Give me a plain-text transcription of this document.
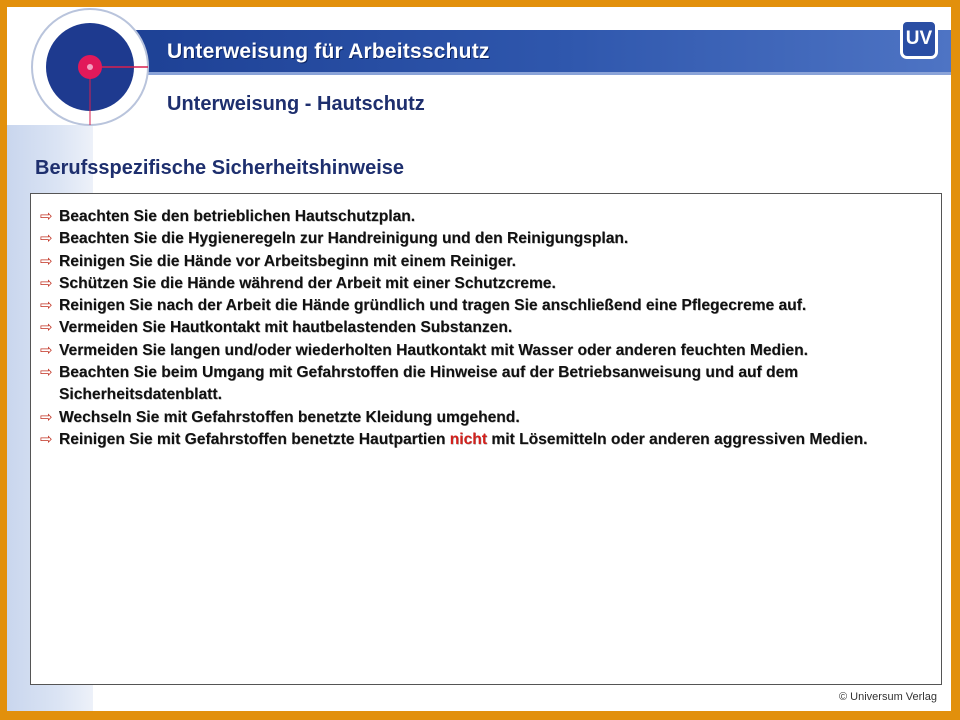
Unterweisung für Arbeitsschutz
UV
Unterweisung - Hautschutz
Berufsspezifische Sicherheitshinweise
⇨ Beachten Sie den betrieblichen Hautschutzplan.
⇨ Beachten Sie die Hygieneregeln zur Handreinigung und den Reinigungsplan.
⇨ Reinigen Sie die Hände vor Arbeitsbeginn mit einem Reiniger.
⇨ Schützen Sie die Hände während der Arbeit mit einer Schutzcreme.
⇨ Reinigen Sie nach der Arbeit die Hände gründlich und tragen Sie anschließend eine Pflegecreme auf.
⇨ Vermeiden Sie Hautkontakt mit hautbelastenden Substanzen.
⇨ Vermeiden Sie langen und/oder wiederholten Hautkontakt mit Wasser oder anderen feuchten Medien.
⇨ Beachten Sie beim Umgang mit Gefahrstoffen die Hinweise auf der Betriebsanweisung und auf dem Sicherheitsdatenblatt.
⇨ Wechseln Sie mit Gefahrstoffen benetzte Kleidung umgehend.
⇨ Reinigen Sie mit Gefahrstoffen benetzte Hautpartien nicht mit Lösemitteln oder anderen aggressiven Medien.

vorlage

© Universum Verlag
